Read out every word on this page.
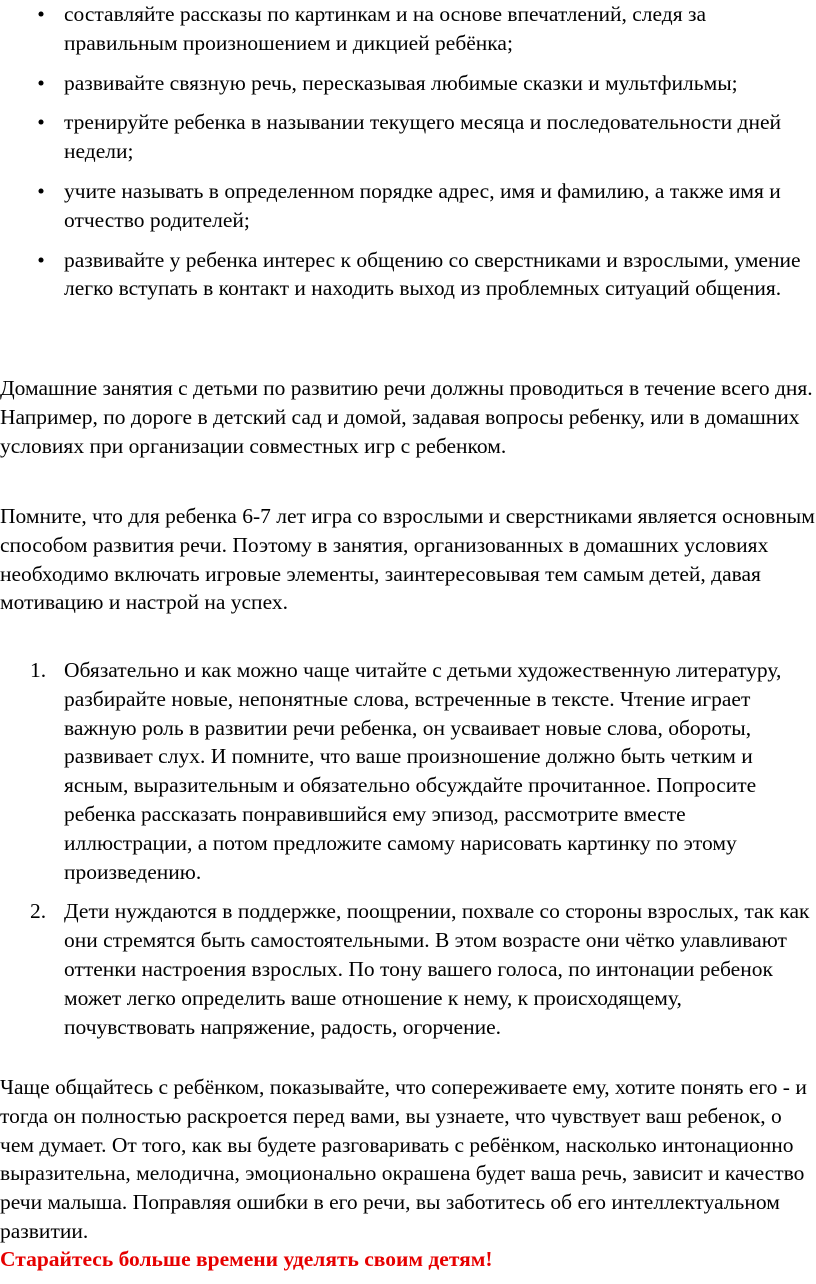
• составляйте рассказы по картинкам и на основе впечатлений, следя за правильным произношением и дикцией ребёнка;
• развивайте связную речь, пересказывая любимые сказки и мультфильмы;
• тренируйте ребенка в назывании текущего месяца и последовательности дней недели;
• учите называть в определенном порядке адрес, имя и фамилию, а также имя и отчество родителей;
• развивайте у ребенка интерес к общению со сверстниками и взрослыми, умение легко вступать в контакт и находить выход из проблемных ситуаций общения.

Домашние занятия с детьми по развитию речи должны проводиться в течение всего дня. Например, по дороге в детский сад и домой, задавая вопросы ребенку, или в домашних условиях при организации совместных игр с ребенком.

Помните, что для ребенка 6-7 лет игра со взрослыми и сверстниками является основным способом развития речи. Поэтому в занятия, организованных в домашних условиях необходимо включать игровые элементы, заинтересовывая тем самым детей, давая мотивацию и настрой на успех.

1. Обязательно и как можно чаще читайте с детьми художественную литературу, разбирайте новые, непонятные слова, встреченные в тексте. Чтение играет важную роль в развитии речи ребенка, он усваивает новые слова, обороты, развивает слух. И помните, что ваше произношение должно быть четким и ясным, выразительным и обязательно обсуждайте прочитанное. Попросите ребенка рассказать понравившийся ему эпизод, рассмотрите вместе иллюстрации, а потом предложите самому нарисовать картинку по этому произведению.
2. Дети нуждаются в поддержке, поощрении, похвале со стороны взрослых, так как они стремятся быть самостоятельными. В этом возрасте они чётко улавливают оттенки настроения взрослых. По тону вашего голоса, по интонации ребенок может легко определить ваше отношение к нему, к происходящему, почувствовать напряжение, радость, огорчение.

Чаще общайтесь с ребёнком, показывайте, что сопереживаете ему, хотите понять его - и тогда он полностью раскроется перед вами, вы узнаете, что чувствует ваш ребенок, о чем думает. От того, как вы будете разговаривать с ребёнком, насколько интонационно выразительна, мелодична, эмоционально окрашена будет ваша речь, зависит и качество речи малыша. Поправляя ошибки в его речи, вы заботитесь об его интеллектуальном развитии.

Старайтесь больше времени уделять своим детям!
